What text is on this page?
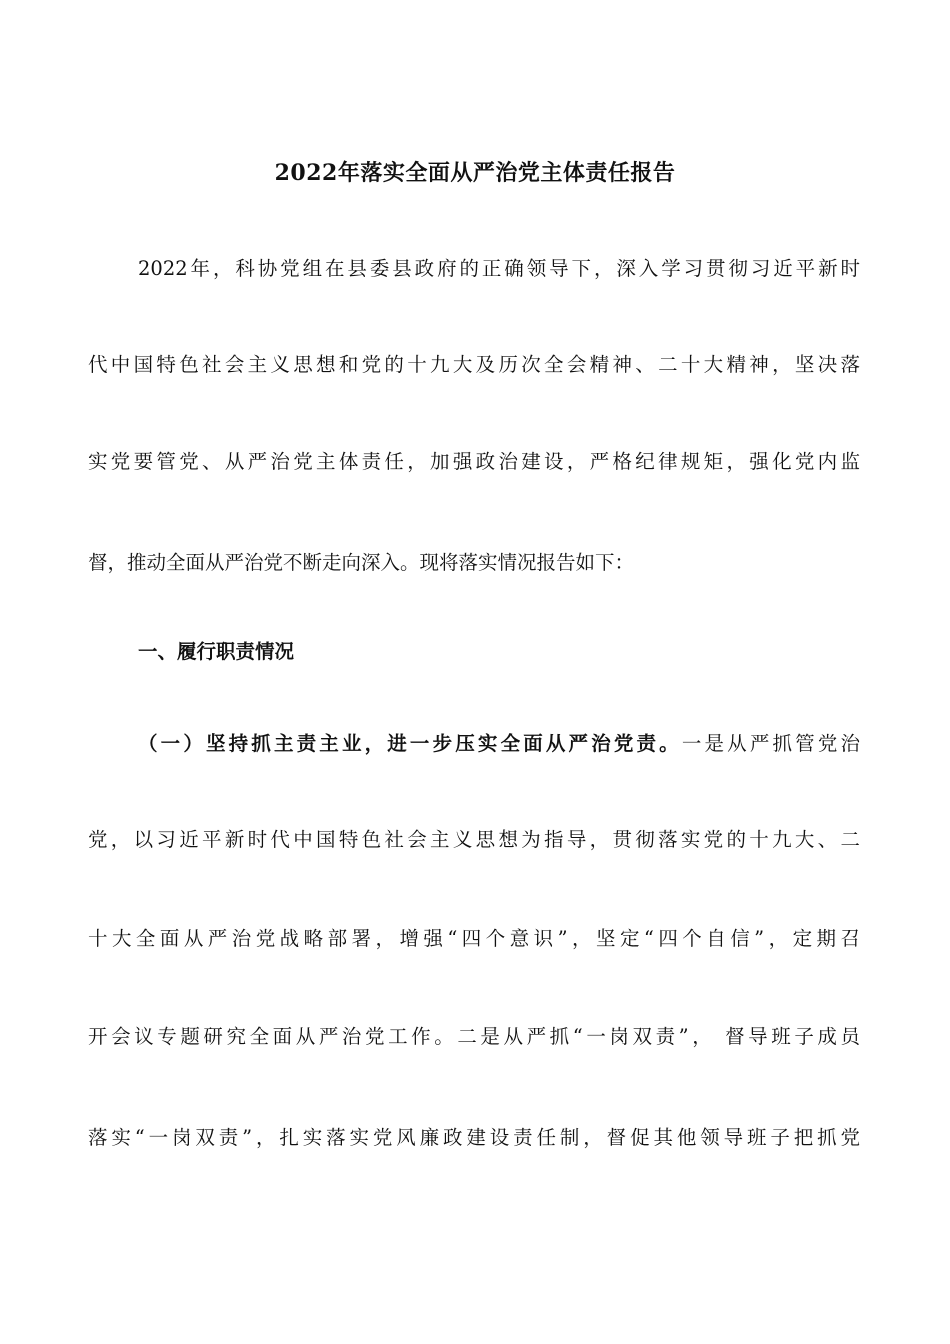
2022年落实全面从严治党主体责任报告
2022年，科协党组在县委县政府的正确领导下，深入学习贯彻习近平新时
代中国特色社会主义思想和党的十九大及历次全会精神、二十大精神，坚决落
实党要管党、从严治党主体责任，加强政治建设，严格纪律规矩，强化党内监
督，推动全面从严治党不断走向深入。现将落实情况报告如下：
一、履行职责情况
（一）坚持抓主责主业，进一步压实全面从严治党责。一是从严抓管党治
党，以习近平新时代中国特色社会主义思想为指导，贯彻落实党的十九大、二
十大全面从严治党战略部署，增强“四个意识”，坚定“四个自信”，定期召
开会议专题研究全面从严治党工作。二是从严抓“一岗双责”， 督导班子成员
落实“一岗双责”，扎实落实党风廉政建设责任制，督促其他领导班子把抓党
